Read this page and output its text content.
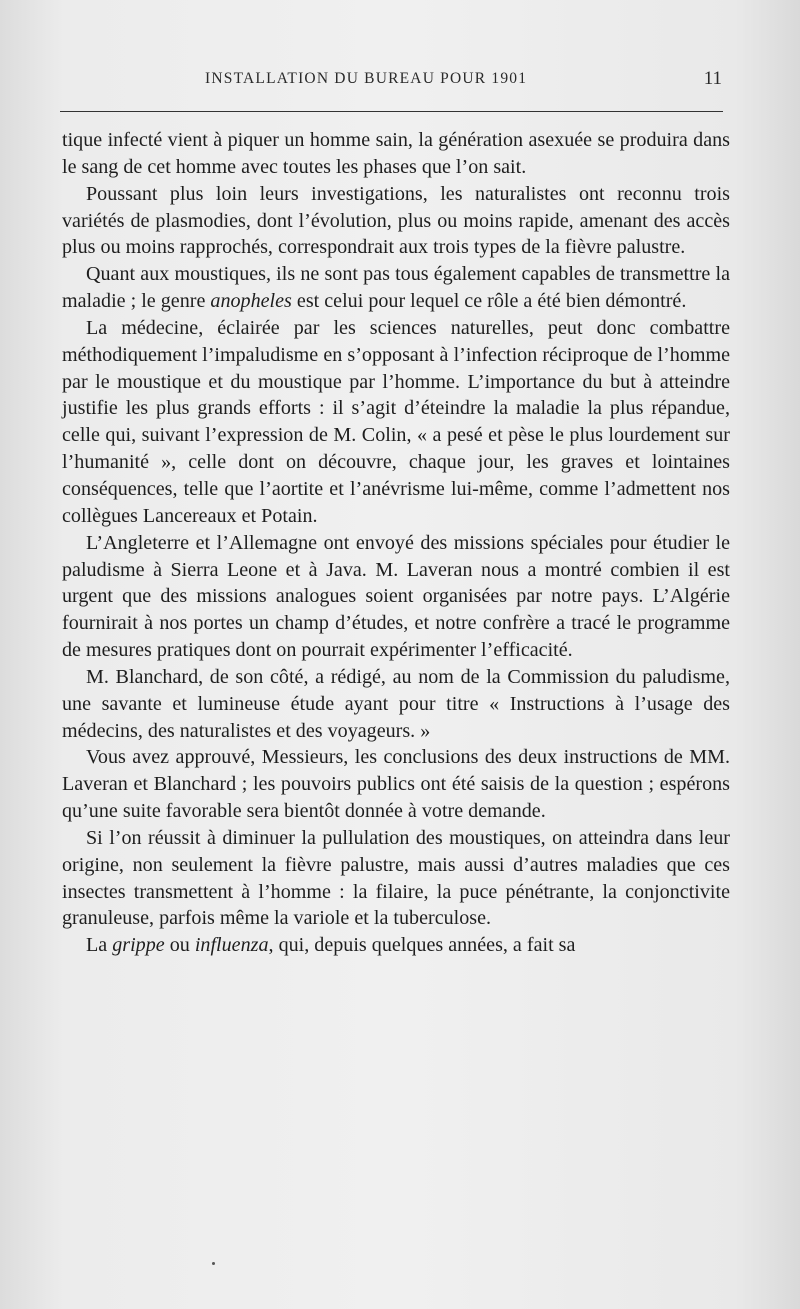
INSTALLATION DU BUREAU POUR 1901	11

tique infecté vient à piquer un homme sain, la génération asexuée se produira dans le sang de cet homme avec toutes les phases que l’on sait.

Poussant plus loin leurs investigations, les naturalistes ont reconnu trois variétés de plasmodies, dont l’évolution, plus ou moins rapide, amenant des accès plus ou moins rapprochés, correspondrait aux trois types de la fièvre palustre.

Quant aux moustiques, ils ne sont pas tous également capables de transmettre la maladie ; le genre anopheles est celui pour lequel ce rôle a été bien démontré.

La médecine, éclairée par les sciences naturelles, peut donc combattre méthodiquement l’impaludisme en s’opposant à l’infection réciproque de l’homme par le moustique et du moustique par l’homme. L’importance du but à atteindre justifie les plus grands efforts : il s’agit d’éteindre la maladie la plus répandue, celle qui, suivant l’expression de M. Colin, « a pesé et pèse le plus lourdement sur l’humanité », celle dont on découvre, chaque jour, les graves et lointaines conséquences, telle que l’aortite et l’anévrisme lui-même, comme l’admettent nos collègues Lancereaux et Potain.

L’Angleterre et l’Allemagne ont envoyé des missions spéciales pour étudier le paludisme à Sierra Leone et à Java. M. Laveran nous a montré combien il est urgent que des missions analogues soient organisées par notre pays. L’Algérie fournirait à nos portes un champ d’études, et notre confrère a tracé le programme de mesures pratiques dont on pourrait expérimenter l’efficacité.

M. Blanchard, de son côté, a rédigé, au nom de la Commission du paludisme, une savante et lumineuse étude ayant pour titre « Instructions à l’usage des médecins, des naturalistes et des voyageurs. »

Vous avez approuvé, Messieurs, les conclusions des deux instructions de MM. Laveran et Blanchard ; les pouvoirs publics ont été saisis de la question ; espérons qu’une suite favorable sera bientôt donnée à votre demande.

Si l’on réussit à diminuer la pullulation des moustiques, on atteindra dans leur origine, non seulement la fièvre palustre, mais aussi d’autres maladies que ces insectes transmettent à l’homme : la filaire, la puce pénétrante, la conjonctivite granuleuse, parfois même la variole et la tuberculose.

La grippe ou influenza, qui, depuis quelques années, a fait sa
